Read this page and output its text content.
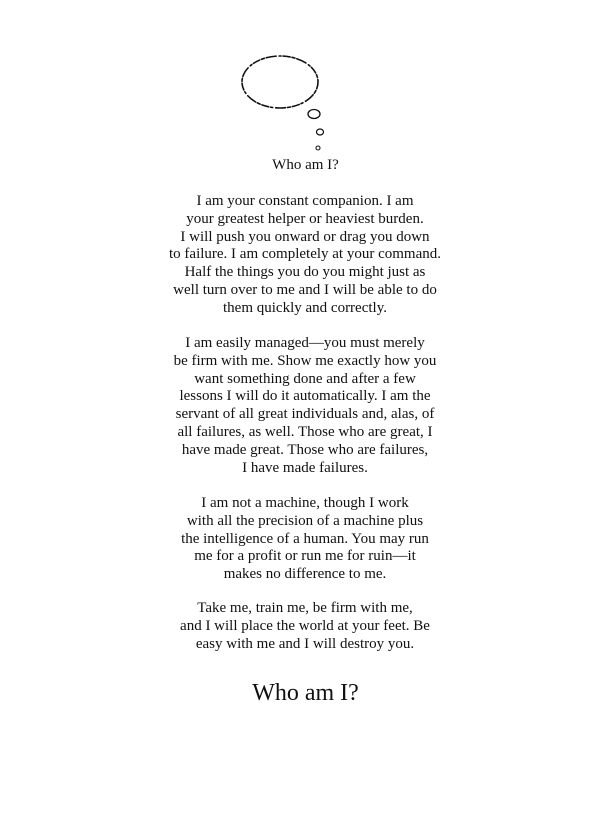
Who am I?
I am your constant companion. I am
your greatest helper or heaviest burden.
I will push you onward or drag you down
to failure. I am completely at your command.
Half the things you do you might just as
well turn over to me and I will be able to do
them quickly and correctly.
I am easily managed—you must merely
be firm with me. Show me exactly how you
want something done and after a few
lessons I will do it automatically. I am the
servant of all great individuals and, alas, of
all failures, as well. Those who are great, I
have made great. Those who are failures,
I have made failures.
I am not a machine, though I work
with all the precision of a machine plus
the intelligence of a human. You may run
me for a profit or run me for ruin—it
makes no difference to me.
Take me, train me, be firm with me,
and I will place the world at your feet. Be
easy with me and I will destroy you.
Who am I?
